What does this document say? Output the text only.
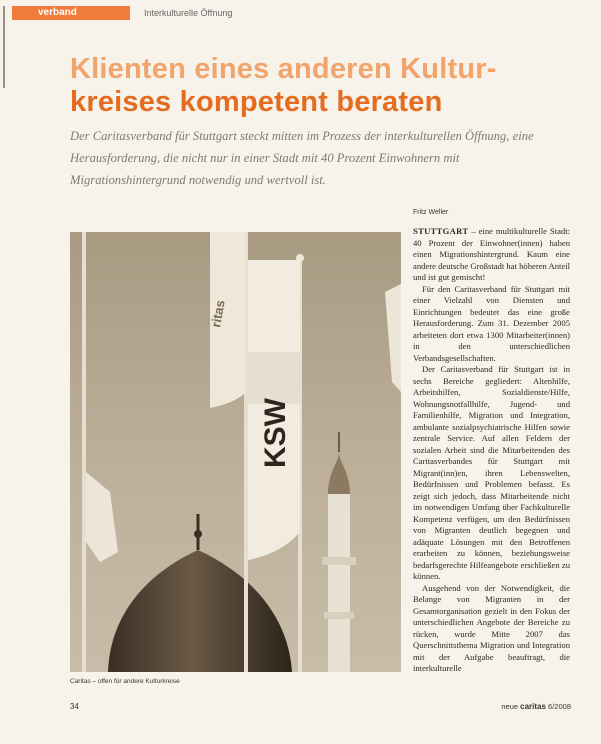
verband	Interkulturelle Öffnung
Klienten eines anderen Kultur-
kreises kompetent beraten
Der Caritasverband für Stuttgart steckt mitten im Prozess der interkulturellen Öffnung, eine Herausforderung, die nicht nur in einer Stadt mit 40 Prozent Einwohnern mit Migrationshintergrund notwendig und wertvoll ist.
ritas
KSW
Caritas – offen für andere Kulturkreise
Fritz Weller

STUTTGART – eine multikulturelle Stadt: 40 Prozent der Einwohner(innen) haben einen Migrationshintergrund. Kaum eine andere deutsche Großstadt hat höheren Anteil und ist gut gemischt!

Für den Caritasverband für Stuttgart mit einer Vielzahl von Diensten und Einrichtungen bedeutet das eine große Herausforderung. Zum 31. Dezember 2005 arbeiteten dort etwa 1300 Mitarbeiter(innen) in den unterschiedlichen Verbandsgesellschaften.

Der Caritasverband für Stuttgart ist in sechs Bereiche gegliedert: Altenhilfe, Arbeitshilfen, Sozialdienste/Hilfe, Wohnungsnotfallhilfe, Jugend- und Familienhilfe, Migration und Integration, ambulante sozialpsychiatrische Hilfen sowie zentrale Service. Auf allen Feldern der sozialen Arbeit sind die Mitarbeitenden des Caritasverbandes für Stuttgart mit Migrant(inn)en, ihren Lebenswelten, Bedürfnissen und Problemen befasst. Es zeigt sich jedoch, dass Mitarbeitende nicht im notwendigen Umfang über Fachkulturelle Kompetenz verfügen, um den Bedürfnissen von Migranten deutlich begegnen und adäquate Lösungen mit den Betroffenen erarbeiten zu können, beziehungsweise bedarfsgerechte Hilfeangebote erschließen zu können.

Ausgehend von der Notwendigkeit, die Belange von Migranten in der Gesamtorganisation gezielt in den Fokus der unterschiedlichen Angebote der Bereiche zu rücken, wurde Mitte 2007 das Querschnittsthema Migration und Integration mit der Aufgabe beauftragt, die interkulturelle

34	neue caritas 6/2008
